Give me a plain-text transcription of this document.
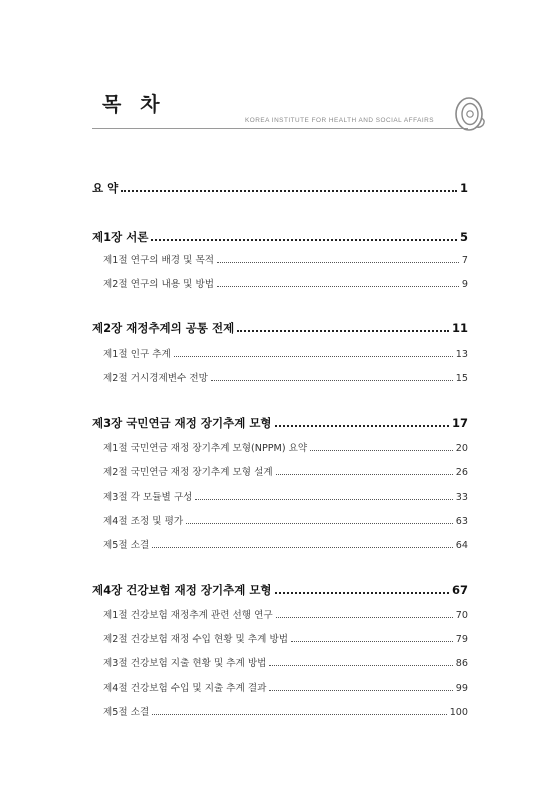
목 차
KOREA INSTITUTE FOR HEALTH AND SOCIAL AFFAIRS
요 약	1
제1장 서론	5
제1절 연구의 배경 및 목적	7
제2절 연구의 내용 및 방법	9
제2장 재정추계의 공통 전제	11
제1절 인구 추계	13
제2절 거시경제변수 전망	15
제3장 국민연금 재정 장기추계 모형	17
제1절 국민연금 재정 장기추계 모형(NPPM) 요약	20
제2절 국민연금 재정 장기추계 모형 설계	26
제3절 각 모듈별 구성	33
제4절 조정 및 평가	63
제5절 소결	64
제4장 건강보험 재정 장기추계 모형	67
제1절 건강보험 재정추계 관련 선행 연구	70
제2절 건강보험 재정 수입 현황 및 추계 방법	79
제3절 건강보험 지출 현황 및 추계 방법	86
제4절 건강보험 수입 및 지출 추계 결과	99
제5절 소결	100
